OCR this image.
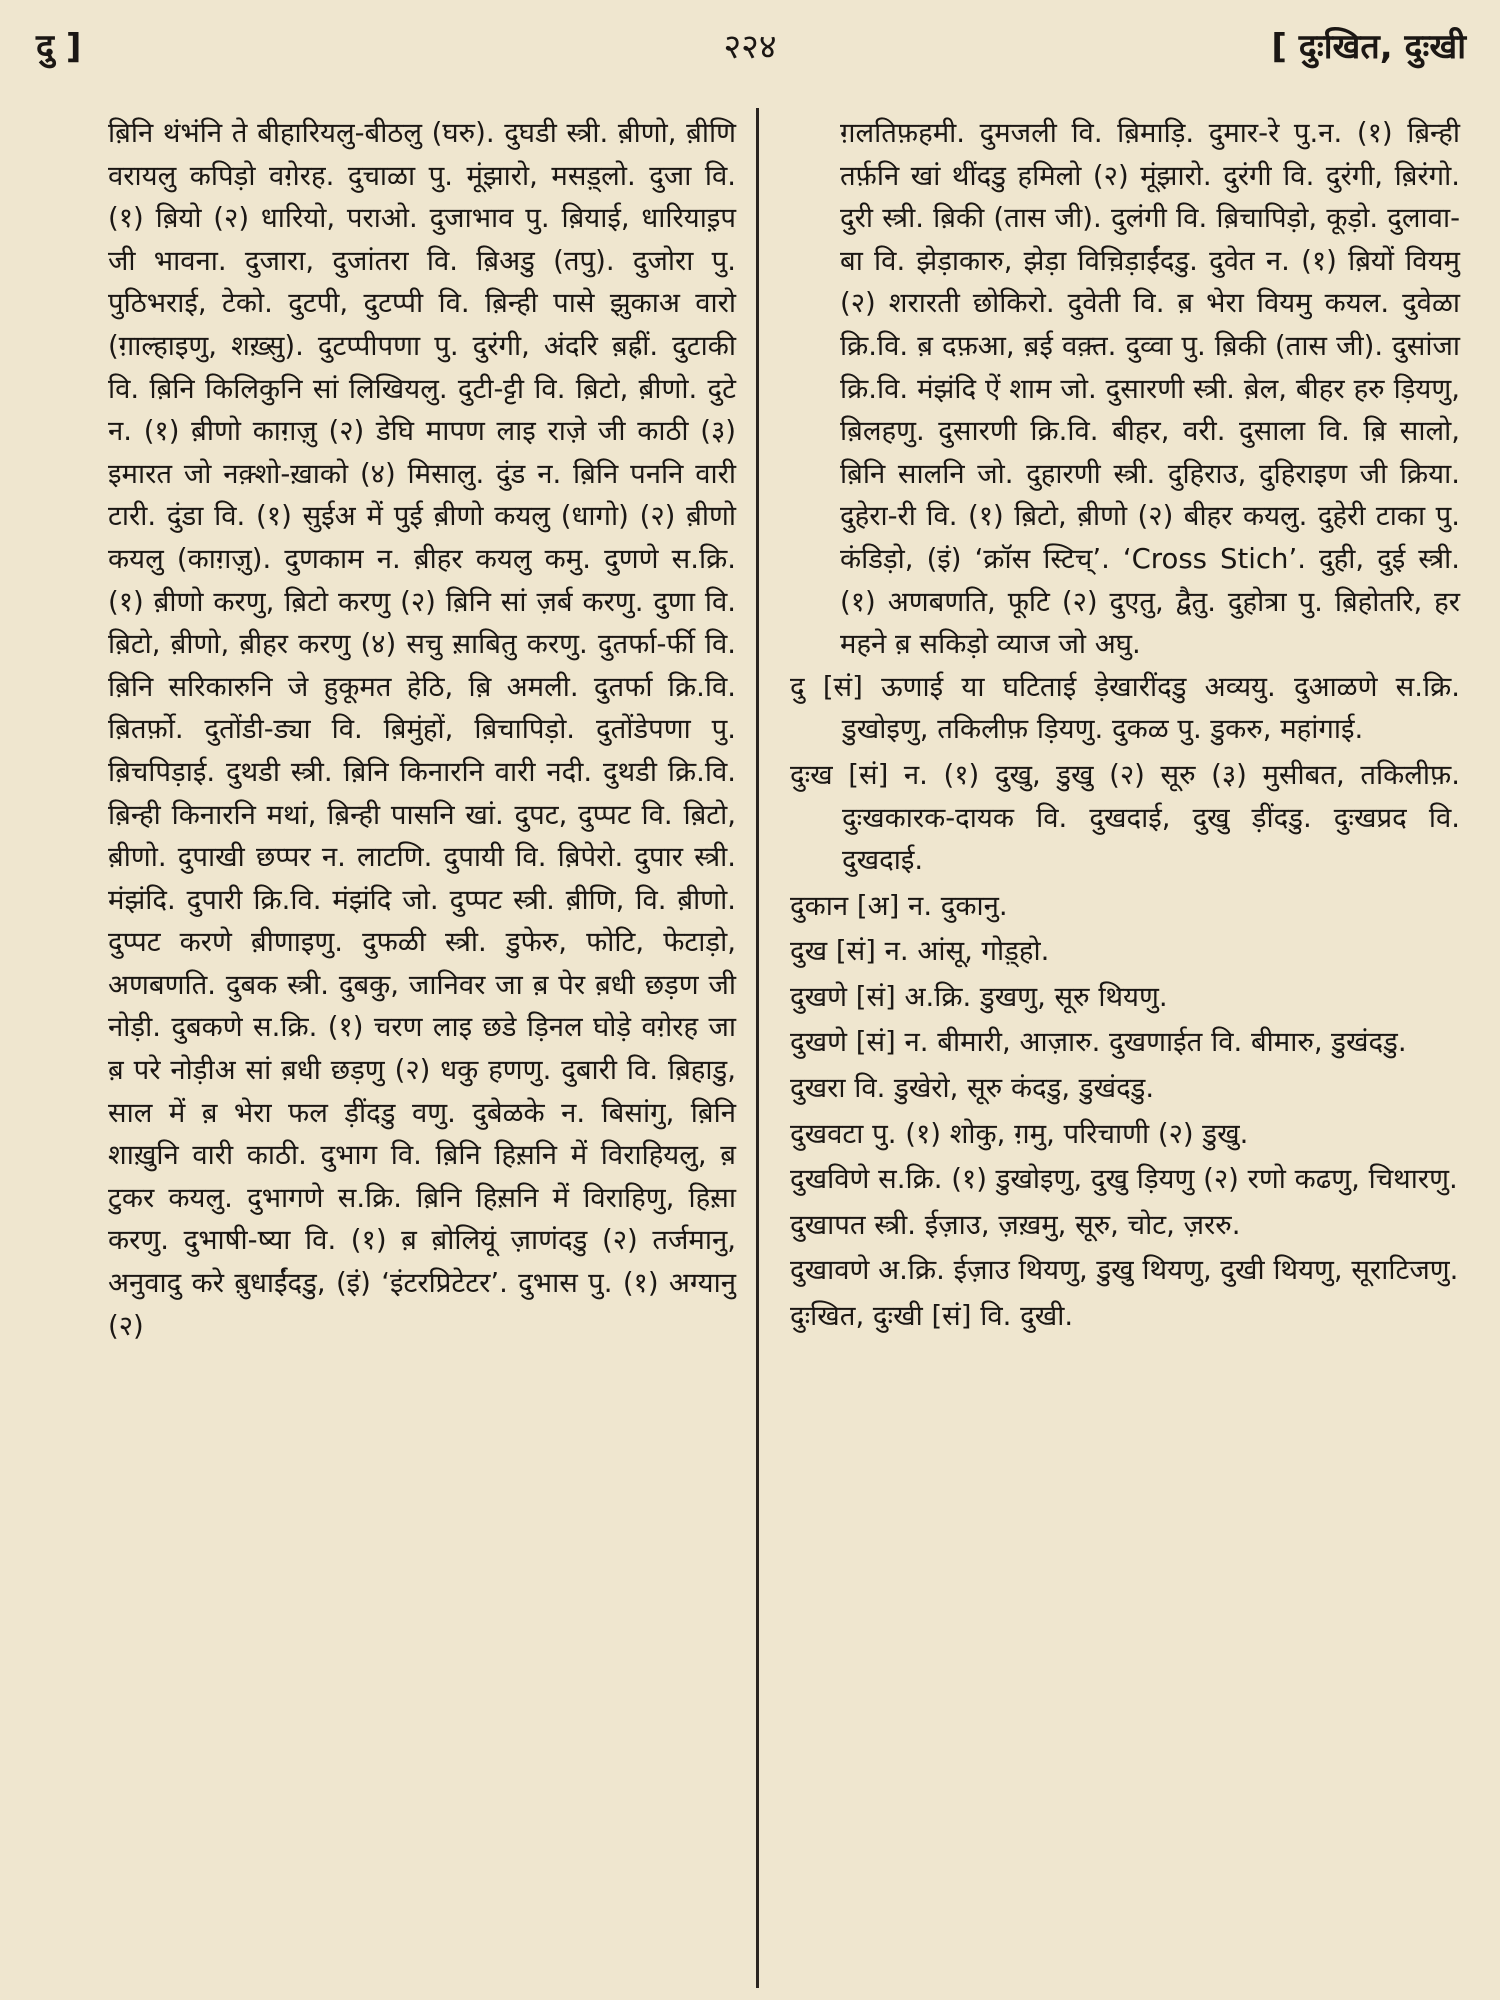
दु ]	२२४	[ दुःखित, दुःखी

ब़िनि थंभंनि ते बीहारियलु-बीठलु (घरु). दुघडी स्त्री. ब़ीणो, ब़ीणि वरायलु कपिड़ो वग़ेरह. दुचाळा पु. मूंझारो, मसड़्लो. दुजा वि. (१) ब़ियो (२) धारियो, पराओ. दुजाभाव पु. ब़ियाई, धारियाइ़प जी भावना. दुजारा, दुजांतरा वि. ब़िअडु (तपु). दुजोरा पु. पुठिभराई, टेको. दुटपी, दुटप्पी वि. ब़िन्ही पासे झुकाअ वारो (ग़ाल्हाइणु, शख़्सु). दुटप्पीपणा पु. दुरंगी, अंदरि ब़ह्रीं. दुटाकी वि. ब़िनि किलिकुनि सां लिखियलु. दुटी-ट्टी वि. ब़िटो, ब़ीणो. दुटे न. (१) ब़ीणो काग़ज़ु (२) डेघि मापण लाइ राज़े जी काठी (३) इमारत जो नक़्शो-ख़ाको (४) मिसालु. दुंड न. ब़िनि पननि वारी टारी. दुंडा वि. (१) सुईअ में पुई ब़ीणो कयलु (धागो) (२) ब़ीणो कयलु (काग़ज़ु). दुणकाम न. ब़ीहर कयलु कमु. दुणणे स.क्रि. (१) ब़ीणो करणु, ब़िटो करणु (२) ब़िनि सां ज़र्ब करणु. दुणा वि. ब़िटो, ब़ीणो, ब़ीहर करणु (४) सचु स़ाबितु करणु. दुतर्फा-र्फी वि. ब़िनि सरिकारुनि जे हुकूमत हेठि, ब़ि अमली. दुतर्फा क्रि.वि. ब़ितर्फ़ो. दुतोंडी-ड्या वि. ब़िमुंहों, ब़िचापिड़ो. दुतोंडेपणा पु. ब़िचपिड़ाई. दुथडी स्त्री. ब़िनि किनारनि वारी नदी. दुथडी क्रि.वि. ब़िन्ही किनारनि मथां, ब़िन्ही पासनि खां. दुपट, दुप्पट वि. ब़िटो, ब़ीणो. दुपाखी छप्पर न. लाटणि. दुपायी वि. ब़िपेरो. दुपार स्त्री. मंझंदि. दुपारी क्रि.वि. मंझंदि जो. दुप्पट स्त्री. ब़ीणि, वि. ब़ीणो. दुप्पट करणे ब़ीणाइणु. दुफळी स्त्री. डुफेरु, फोटि, फेटाड़ो, अणबणति. दुबक स्त्री. दुबकु, जानिवर जा ब़ पेर ब़धी छड़ण जी नोड़ी. दुबकणे स.क्रि. (१) चरण लाइ छडे ड़िनल घोड़े वग़ेरह जा ब़ परे नोड़ीअ सां ब़धी छड़णु (२) धकु हणणु. दुबारी वि. ब़िहाडु, साल में ब़ भेरा फल ड़ींदडु वणु. दुबेळके न. बिसांगु, ब़िनि शाख़ुनि वारी काठी. दुभाग वि. ब़िनि हिस़नि में विराहियलु, ब़ टुकर कयलु. दुभागणे स.क्रि. ब़िनि हिस़नि में विराहिणु, हिस़ा करणु. दुभाषी-ष्या वि. (१) ब़ ब़ोलियूं ज़ाणंदडु (२) तर्जमानु, अनुवादु करे ब़ुधाईंदडु, (इं) ‘इंटरप्रिटेटर’. दुभास पु. (१) अग्यानु (२)

ग़लतिफ़हमी. दुमजली वि. ब़िमाड़ि. दुमार-रे पु.न. (१) ब़िन्ही तर्फ़नि खां थींदडु हमिलो (२) मूंझारो. दुरंगी वि. दुरंगी, ब़िरंगो. दुरी स्त्री. ब़िकी (तास जी). दुलंगी वि. ब़िचापिड़ो, कूड़ो. दुलावा-बा वि. झेड़ाकारु, झेड़ा विच़िड़ाईंदडु. दुवेत न. (१) ब़ियों वियमु (२) शरारती छोकिरो. दुवेती वि. ब़ भेरा वियमु कयल. दुवेळा क्रि.वि. ब़ दफ़आ, ब़ई वक़्त. दुव्वा पु. ब़िकी (तास जी). दुसांजा क्रि.वि. मंझंदि ऐं शाम जो. दुसारणी स्त्री. ब़ेल, बीहर हरु ड़ियणु, ब़िलहणु. दुसारणी क्रि.वि. बीहर, वरी. दुसाला वि. ब़ि सालो, ब़िनि सालनि जो. दुहारणी स्त्री. दुहिराउ, दुहिराइण जी क्रिया. दुहेरा-री वि. (१) ब़िटो, ब़ीणो (२) बीहर कयलु. दुहेरी टाका पु. कंडिड़ो, (इं) ‘क्रॉस स्टिच्’. ‘Cross Stich’. दुही, दुई स्त्री. (१) अणबणति, फूटि (२) दुएतु, द्वैतु. दुहोत्रा पु. ब़िहोतरि, हर महने ब़ सकिड़ो व्याज जो अघु.

दु [सं] ऊणाई या घटिताई ड़ेखारींदडु अव्ययु. दुआळणे स.क्रि. डुखोइणु, तकिलीफ़ ड़ियणु. दुकळ पु. डुकरु, महांगाई.

दुःख [सं] न. (१) दुखु, डुखु (२) सूरु (३) मुसीबत, तकिलीफ़. दुःखकारक-दायक वि. दुखदाई, दुखु ड़ींदडु. दुःखप्रद वि. दुखदाई.

दुकान [अ] न. दुकानु.

दुख [सं] न. आंसू, गोड़्हो.

दुखणे [सं] अ.क्रि. डुखणु, सूरु थियणु.

दुखणे [सं] न. बीमारी, आज़ारु. दुखणाईत वि. बीमारु, डुखंदडु.

दुखरा वि. डुखेरो, सूरु कंदडु, डुखंदडु.

दुखवटा पु. (१) शोकु, ग़मु, परिचाणी (२) डुखु.

दुखविणे स.क्रि. (१) डुखोइणु, दुखु ड़ियणु (२) रणो कढणु, चिथारणु.

दुखापत स्त्री. ईज़ाउ, ज़ख़मु, सूरु, चोट, ज़ररु.

दुखावणे अ.क्रि. ईज़ाउ थियणु, डुखु थियणु, दुखी थियणु, सूराटिजणु.

दुःखित, दुःखी [सं] वि. दुखी.
